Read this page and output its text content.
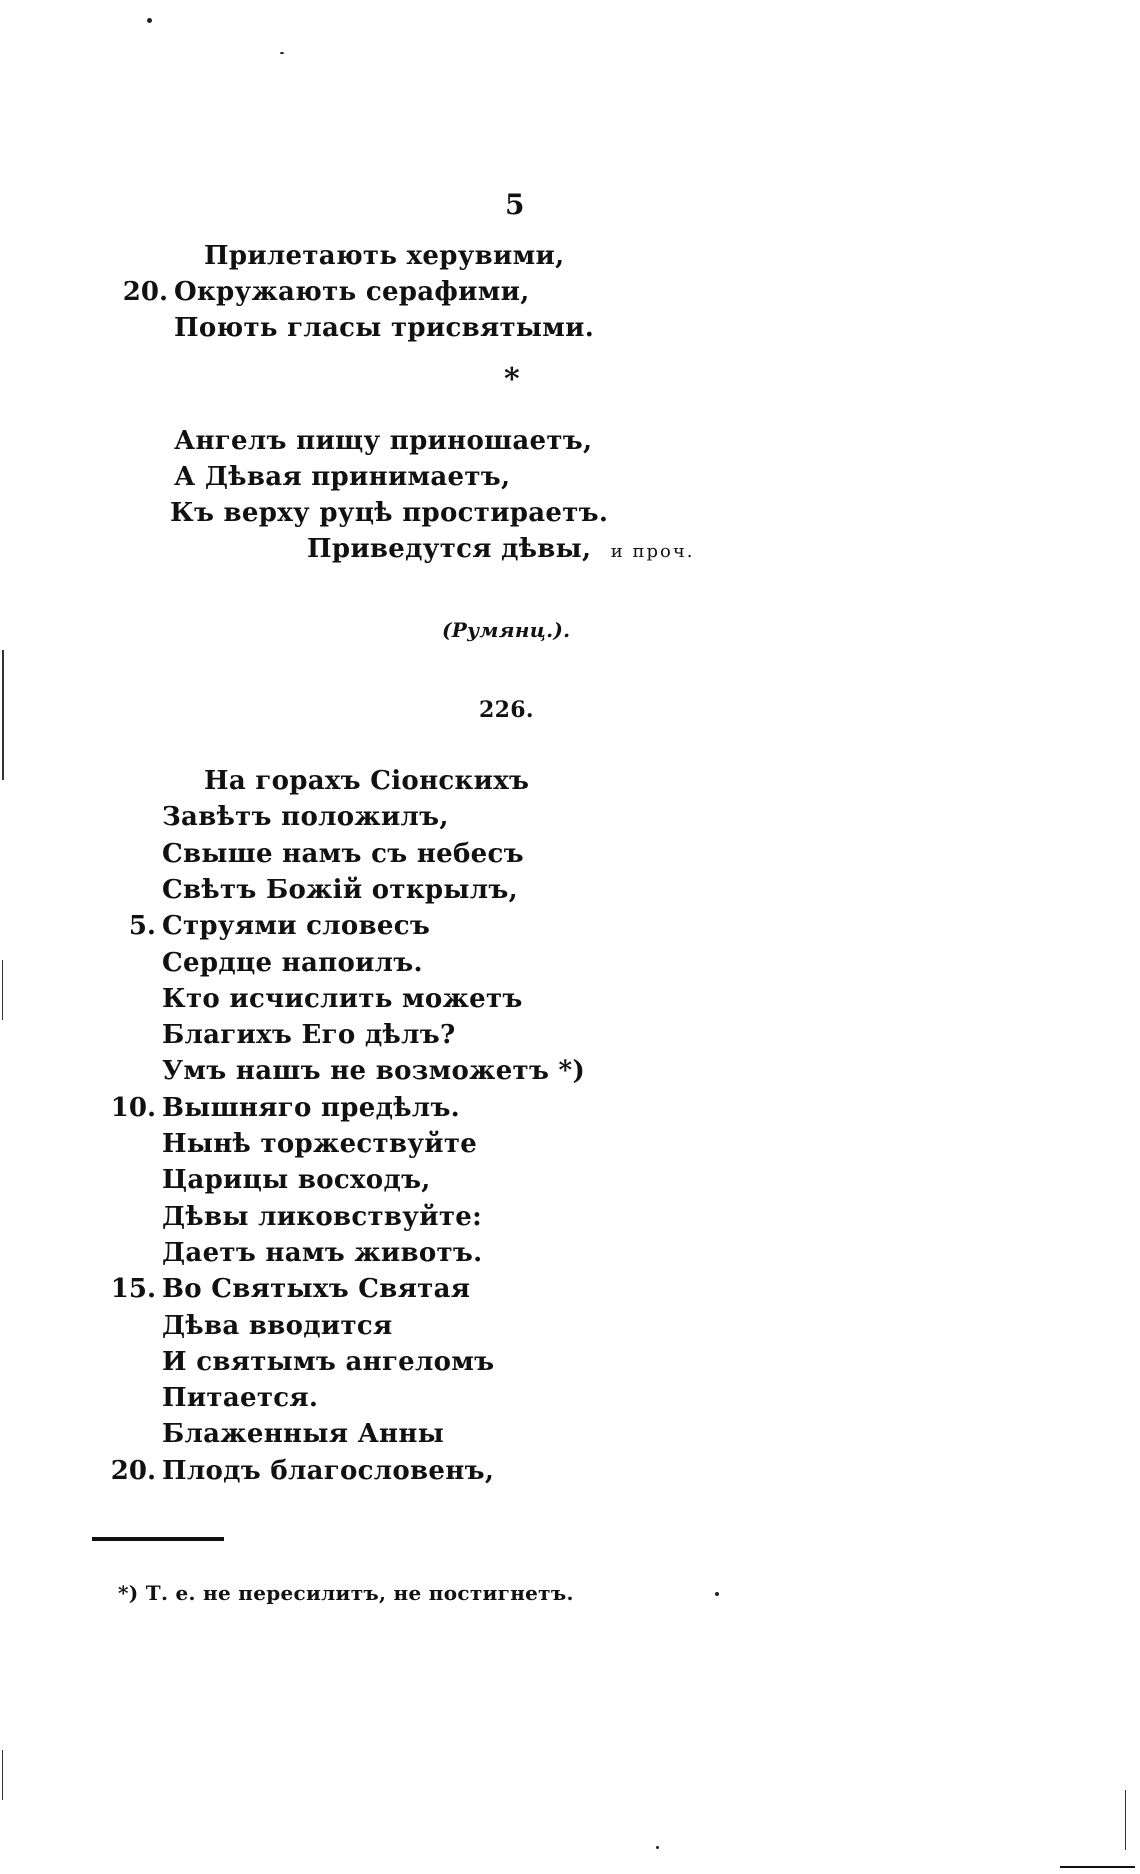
5
Прилетають херувими,
20. Окружають серафими,
Поють гласы трисвятыми.
*
Ангелъ пищу приношаетъ,
А Дѣвая принимаетъ,
Къ верху руцѣ простираетъ.
Приведутся дѣвы, и проч.
(Румянц.).
226.
На горахъ Сіонскихъ
Завѣтъ положилъ,
Свыше намъ съ небесъ
Свѣтъ Божій открылъ,
5. Струями словесъ
Сердце напоилъ.
Кто исчислить можетъ
Благихъ Его дѣлъ?
Умъ нашъ не возможетъ *)
10. Вышняго предѣлъ.
Нынѣ торжествуйте
Царицы восходъ,
Дѣвы ликовствуйте:
Даетъ намъ животъ.
15. Во Святыхъ Святая
Дѣва вводится
И святымъ ангеломъ
Питается.
Блаженныя Анны
20. Плодъ благословенъ,
*) Т. е. не пересилитъ, не постигнетъ.
